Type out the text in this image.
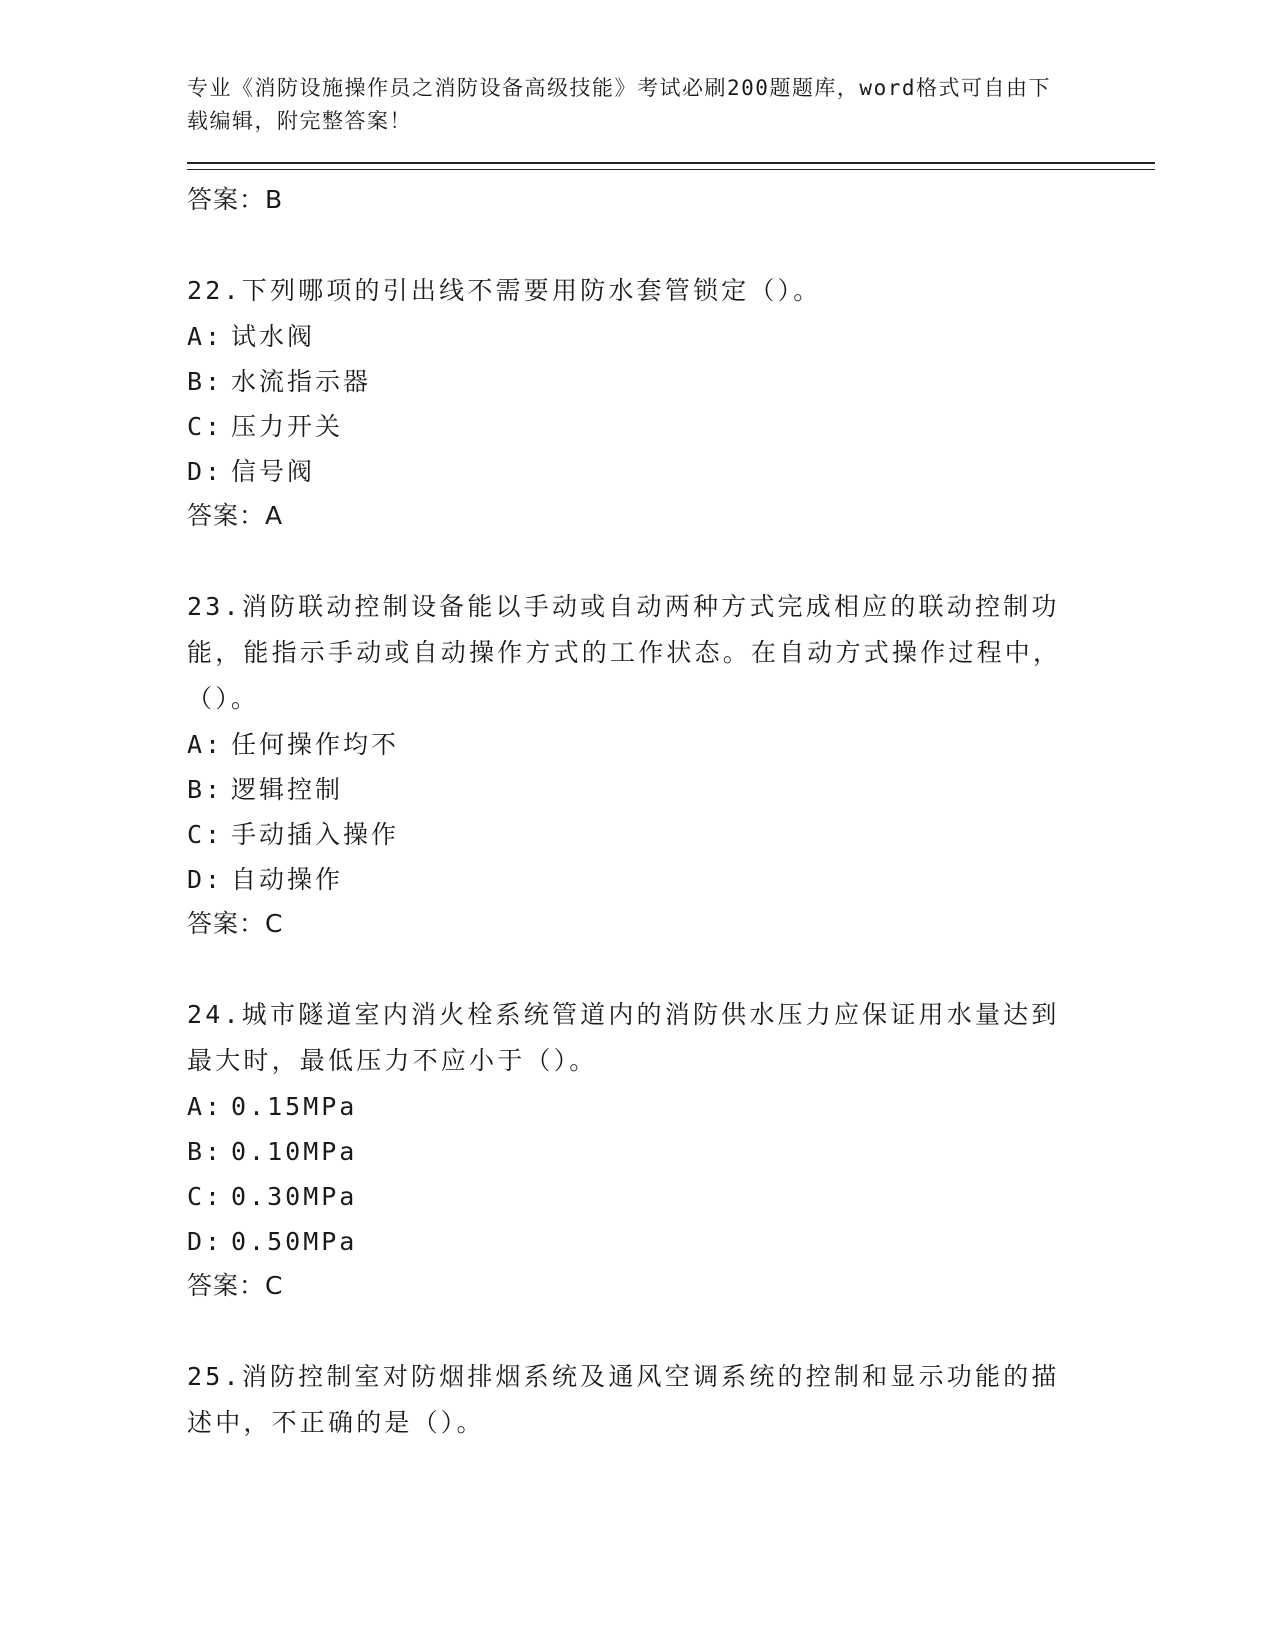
专业《消防设施操作员之消防设备高级技能》考试必刷200题题库，word格式可自由下载编辑，附完整答案！

答案：B

22.下列哪项的引出线不需要用防水套管锁定（）。

A: 试水阀

B: 水流指示器

C: 压力开关

D: 信号阀

答案：A

23.消防联动控制设备能以手动或自动两种方式完成相应的联动控制功能，能指示手动或自动操作方式的工作状态。在自动方式操作过程中，（）。

A: 任何操作均不

B: 逻辑控制

C: 手动插入操作

D: 自动操作

答案：C

24.城市隧道室内消火栓系统管道内的消防供水压力应保证用水量达到最大时，最低压力不应小于（）。

A: 0.15MPa

B: 0.10MPa

C: 0.30MPa

D: 0.50MPa

答案：C

25.消防控制室对防烟排烟系统及通风空调系统的控制和显示功能的描述中，不正确的是（）。
